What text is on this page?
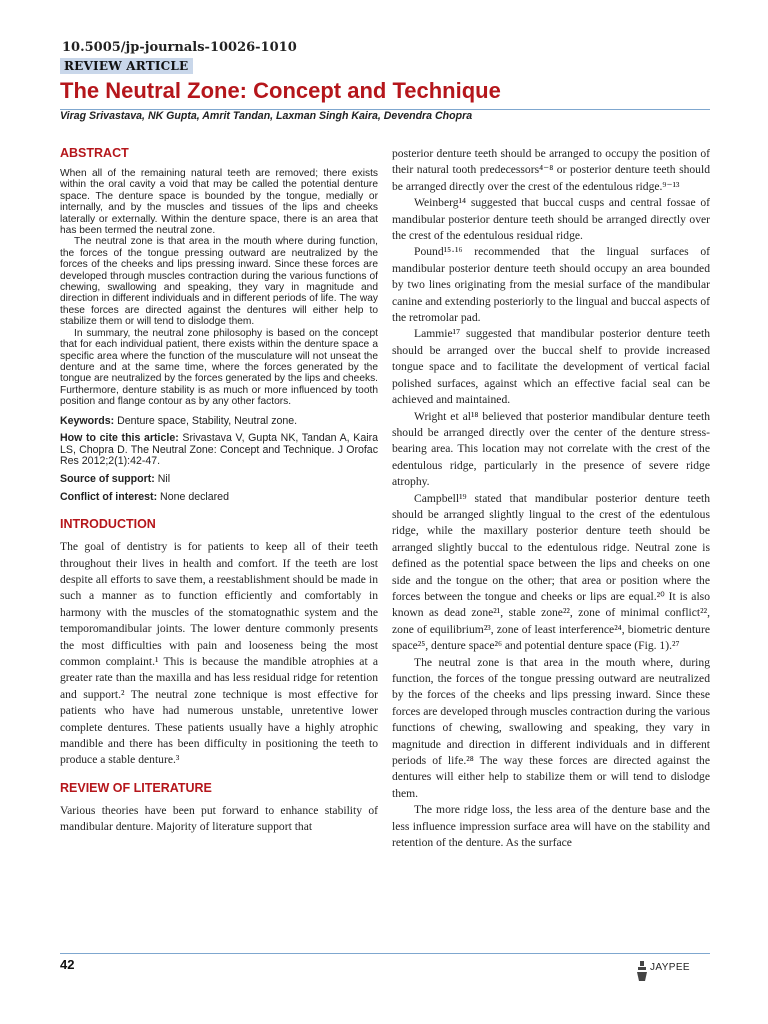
10.5005/jp-journals-10026-1010
REVIEW ARTICLE
The Neutral Zone: Concept and Technique
Virag Srivastava, NK Gupta, Amrit Tandan, Laxman Singh Kaira, Devendra Chopra
ABSTRACT

When all of the remaining natural teeth are removed; there exists within the oral cavity a void that may be called the potential denture space. The denture space is bounded by the tongue, medially or internally, and by the muscles and tissues of the lips and cheeks laterally or externally. Within the denture space, there is an area that has been termed the neutral zone.

The neutral zone is that area in the mouth where during function, the forces of the tongue pressing outward are neutralized by the forces of the cheeks and lips pressing inward. Since these forces are developed through muscles contraction during the various functions of chewing, swallowing and speaking, they vary in magnitude and direction in different individuals and in different periods of life. The way these forces are directed against the dentures will either help to stabilize them or will tend to dislodge them.

In summary, the neutral zone philosophy is based on the concept that for each individual patient, there exists within the denture space a specific area where the function of the musculature will not unseat the denture and at the same time, where the forces generated by the tongue are neutralized by the forces generated by the lips and cheeks. Furthermore, denture stability is as much or more influenced by tooth position and flange contour as by any other factors.

Keywords: Denture space, Stability, Neutral zone.

How to cite this article: Srivastava V, Gupta NK, Tandan A, Kaira LS, Chopra D. The Neutral Zone: Concept and Technique. J Orofac Res 2012;2(1):42-47.

Source of support: Nil

Conflict of interest: None declared

INTRODUCTION

The goal of dentistry is for patients to keep all of their teeth throughout their lives in health and comfort. If the teeth are lost despite all efforts to save them, a reestablishment should be made in such a manner as to function efficiently and comfortably in harmony with the muscles of the stomatognathic system and the temporomandibular joints. The lower denture commonly presents the most difficulties with pain and looseness being the most common complaint.¹ This is because the mandible atrophies at a greater rate than the maxilla and has less residual ridge for retention and support.² The neutral zone technique is most effective for patients who have had numerous unstable, unretentive lower complete dentures. These patients usually have a highly atrophic mandible and there has been difficulty in positioning the teeth to produce a stable denture.³

REVIEW OF LITERATURE

Various theories have been put forward to enhance stability of mandibular denture. Majority of literature support that

posterior denture teeth should be arranged to occupy the position of their natural tooth predecessors⁴⁻⁸ or posterior denture teeth should be arranged directly over the crest of the edentulous ridge.⁹⁻¹³

Weinberg¹⁴ suggested that buccal cusps and central fossae of mandibular posterior denture teeth should be arranged directly over the crest of the edentulous residual ridge.

Pound¹⁵·¹⁶ recommended that the lingual surfaces of mandibular posterior denture teeth should occupy an area bounded by two lines originating from the mesial surface of the mandibular canine and extending posteriorly to the lingual and buccal aspects of the retromolar pad.

Lammie¹⁷ suggested that mandibular posterior denture teeth should be arranged over the buccal shelf to provide increased tongue space and to facilitate the development of vertical facial polished surfaces, against which an effective facial seal can be achieved and maintained.

Wright et al¹⁸ believed that posterior mandibular denture teeth should be arranged directly over the center of the denture stress-bearing area. This location may not correlate with the crest of the edentulous ridge, particularly in the presence of severe ridge atrophy.

Campbell¹⁹ stated that mandibular posterior denture teeth should be arranged slightly lingual to the crest of the edentulous ridge, while the maxillary posterior denture teeth should be arranged slightly buccal to the edentulous ridge. Neutral zone is defined as the potential space between the lips and cheeks on one side and the tongue on the other; that area or position where the forces between the tongue and cheeks or lips are equal.²⁰ It is also known as dead zone²¹, stable zone²², zone of minimal conflict²², zone of equilibrium²³, zone of least interference²⁴, biometric denture space²⁵, denture space²⁶ and potential denture space (Fig. 1).²⁷

The neutral zone is that area in the mouth where, during function, the forces of the tongue pressing outward are neutralized by the forces of the cheeks and lips pressing inward. Since these forces are developed through muscles contraction during the various functions of chewing, swallowing and speaking, they vary in magnitude and direction in different individuals and in different periods of life.²⁸ The way these forces are directed against the dentures will either help to stabilize them or will tend to dislodge them.

The more ridge loss, the less area of the denture base and the less influence impression surface area will have on the stability and retention of the denture. As the surface

42	JAYPEE
